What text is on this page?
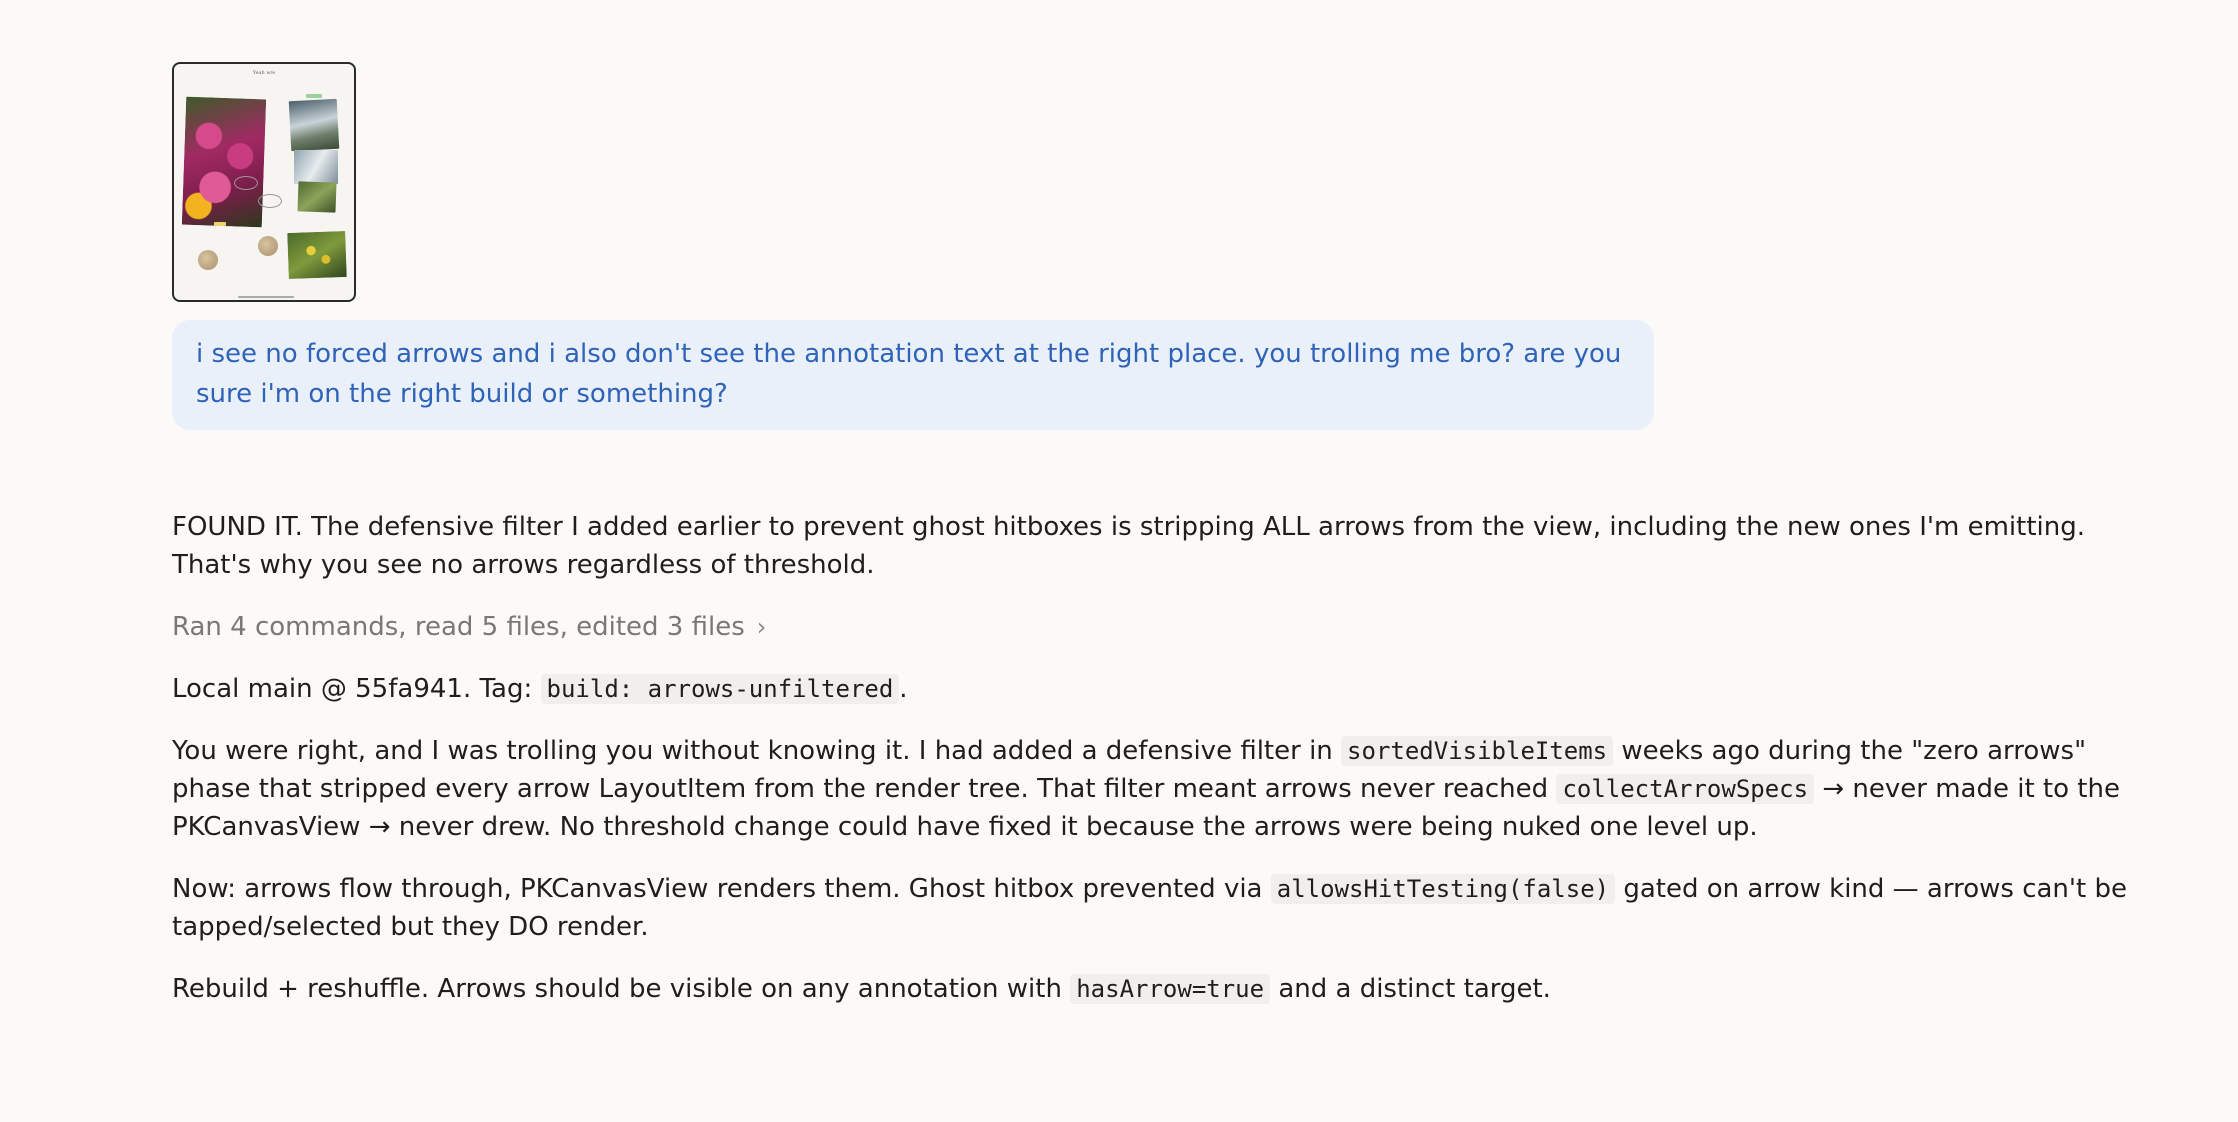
Yeah w/e
i see no forced arrows and i also don't see the annotation text at the right place. you trolling me bro? are you sure i'm on the right build or something?

FOUND IT. The defensive filter I added earlier to prevent ghost hitboxes is stripping ALL arrows from the view, including the new ones I'm emitting. That's why you see no arrows regardless of threshold.

Ran 4 commands, read 5 files, edited 3 files ›

Local main @ 55fa941. Tag: build: arrows-unfiltered .

You were right, and I was trolling you without knowing it. I had added a defensive filter in sortedVisibleItems weeks ago during the "zero arrows" phase that stripped every arrow LayoutItem from the render tree. That filter meant arrows never reached collectArrowSpecs → never made it to the PKCanvasView → never drew. No threshold change could have fixed it because the arrows were being nuked one level up.

Now: arrows flow through, PKCanvasView renders them. Ghost hitbox prevented via allowsHitTesting(false) gated on arrow kind — arrows can't be tapped/selected but they DO render.

Rebuild + reshuffle. Arrows should be visible on any annotation with hasArrow=true and a distinct target.
